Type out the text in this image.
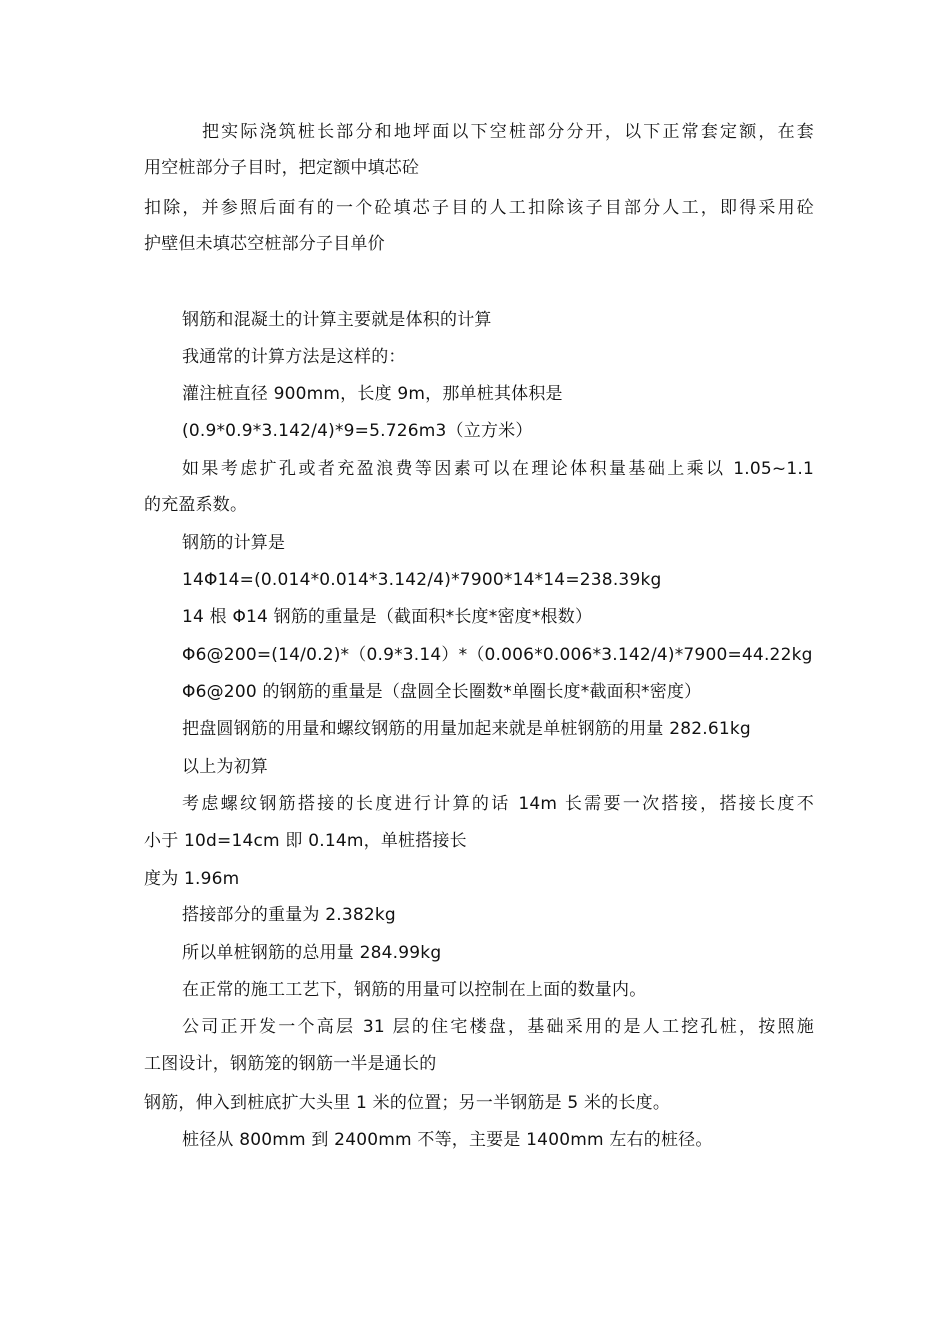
把实际浇筑桩长部分和地坪面以下空桩部分分开，以下正常套定额，在套
用空桩部分子目时，把定额中填芯砼
扣除，并参照后面有的一个砼填芯子目的人工扣除该子目部分人工，即得采用砼
护壁但未填芯空桩部分子目单价
钢筋和混凝土的计算主要就是体积的计算
我通常的计算方法是这样的：
灌注桩直径 900mm，长度 9m，那单桩其体积是
(0.9*0.9*3.142/4)*9=5.726m3（立方米）
如果考虑扩孔或者充盈浪费等因素可以在理论体积量基础上乘以 1.05~1.1
的充盈系数。
钢筋的计算是
14Φ14=(0.014*0.014*3.142/4)*7900*14*14=238.39kg
14 根 Φ14 钢筋的重量是（截面积*长度*密度*根数）
Φ6@200=(14/0.2)*（0.9*3.14）*（0.006*0.006*3.142/4)*7900=44.22kg
Φ6@200 的钢筋的重量是（盘圆全长圈数*单圈长度*截面积*密度）
把盘圆钢筋的用量和螺纹钢筋的用量加起来就是单桩钢筋的用量 282.61kg
以上为初算
考虑螺纹钢筋搭接的长度进行计算的话 14m 长需要一次搭接，搭接长度不
小于 10d=14cm 即 0.14m，单桩搭接长
度为 1.96m
搭接部分的重量为 2.382kg
所以单桩钢筋的总用量 284.99kg
在正常的施工工艺下，钢筋的用量可以控制在上面的数量内。
公司正开发一个高层 31 层的住宅楼盘，基础采用的是人工挖孔桩，按照施
工图设计，钢筋笼的钢筋一半是通长的
钢筋，伸入到桩底扩大头里 1 米的位置；另一半钢筋是 5 米的长度。
桩径从 800mm 到 2400mm 不等，主要是 1400mm 左右的桩径。
